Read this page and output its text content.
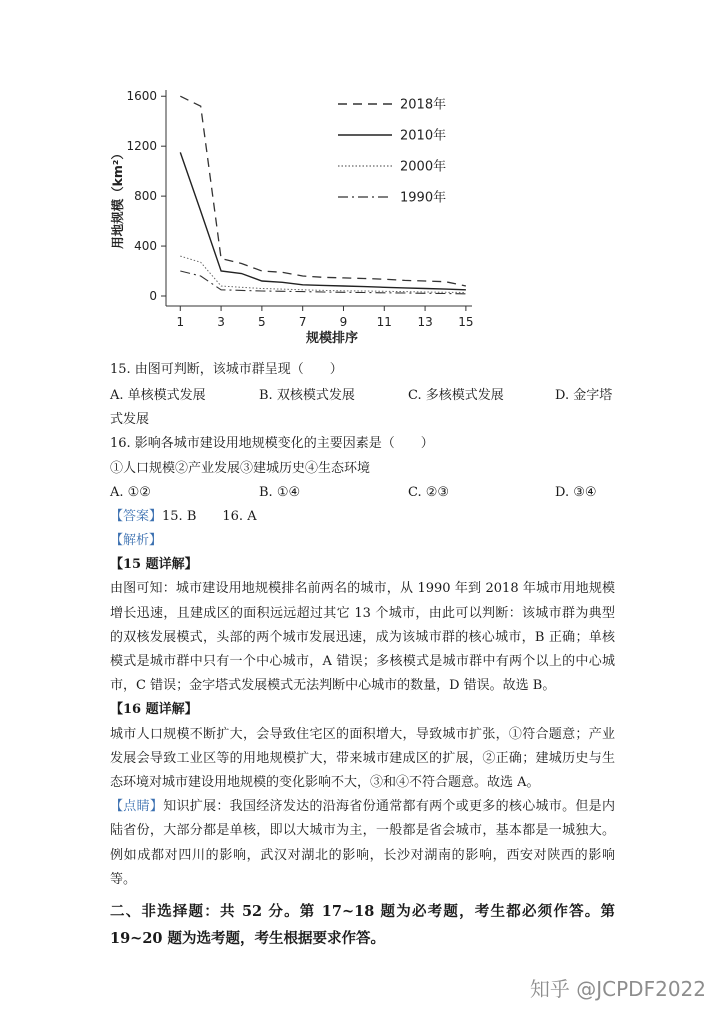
0
400
800
1200
1600
1	3	5	7	9 11 13 15
2018年
2010年
2000年
1990年
用地规模（km²）
规模排序

15. 由图可判断，该城市群呈现（　　）

A. 单核模式发展	B. 双核模式发展	C. 多核模式发展	D. 金字塔

式发展

16. 影响各城市建设用地规模变化的主要因素是（　　）

①人口规模②产业发展③建城历史④生态环境

A. ①②	B. ①④	C. ②③	D. ③④

【答案】15. B 16. A

【解析】

【15 题详解】

由图可知：城市建设用地规模排名前两名的城市，从 1990 年到 2018 年城市用地规模增长迅速，且建成区的面积远远超过其它 13 个城市，由此可以判断：该城市群为典型的双核发展模式，头部的两个城市发展迅速，成为该城市群的核心城市，B 正确；单核模式是城市群中只有一个中心城市，A 错误；多核模式是城市群中有两个以上的中心城市，C 错误；金字塔式发展模式无法判断中心城市的数量，D 错误。故选 B。

【16 题详解】

城市人口规模不断扩大，会导致住宅区的面积增大，导致城市扩张，①符合题意；产业发展会导致工业区等的用地规模扩大，带来城市建成区的扩展，②正确；建城历史与生态环境对城市建设用地规模的变化影响不大，③和④不符合题意。故选 A。

【点睛】知识扩展：我国经济发达的沿海省份通常都有两个或更多的核心城市。但是内陆省份，大部分都是单核，即以大城市为主，一般都是省会城市，基本都是一城独大。例如成都对四川的影响，武汉对湖北的影响，长沙对湖南的影响，西安对陕西的影响等。

二、非选择题：共 52 分。第 17~18 题为必考题，考生都必须作答。第 19~20 题为选考题，考生根据要求作答。

知乎 @JCPDF2022
